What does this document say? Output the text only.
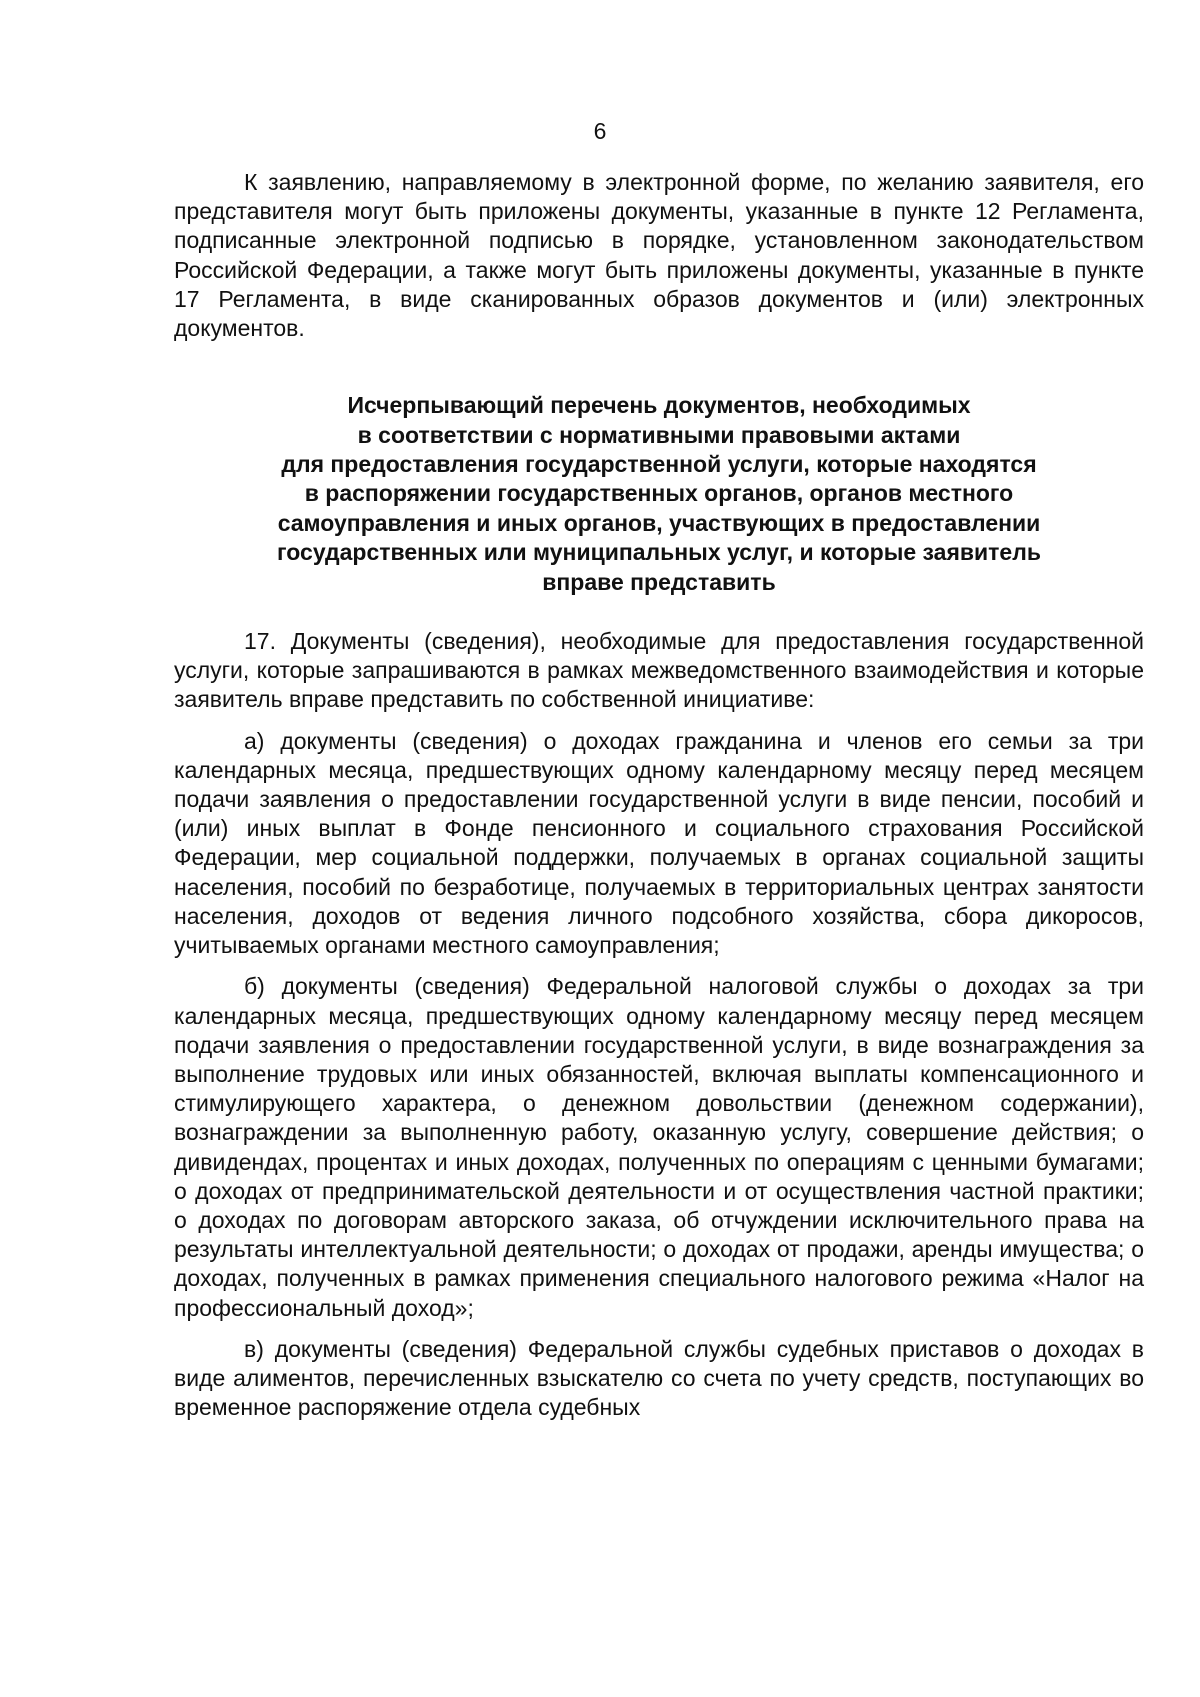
6

К заявлению, направляемому в электронной форме, по желанию заявителя, его представителя могут быть приложены документы, указанные в пункте 12 Регламента, подписанные электронной подписью в порядке, установленном законодательством Российской Федерации, а также могут быть приложены документы, указанные в пункте 17 Регламента, в виде сканированных образов документов и (или) электронных документов.

Исчерпывающий перечень документов, необходимых
в соответствии с нормативными правовыми актами
для предоставления государственной услуги, которые находятся
в распоряжении государственных органов, органов местного
самоуправления и иных органов, участвующих в предоставлении
государственных или муниципальных услуг, и которые заявитель
вправе представить

17. Документы (сведения), необходимые для предоставления государственной услуги, которые запрашиваются в рамках межведомственного взаимодействия и которые заявитель вправе представить по собственной инициативе:

а) документы (сведения) о доходах гражданина и членов его семьи за три календарных месяца, предшествующих одному календарному месяцу перед месяцем подачи заявления о предоставлении государственной услуги в виде пенсии, пособий и (или) иных выплат в Фонде пенсионного и социального страхования Российской Федерации, мер социальной поддержки, получаемых в органах социальной защиты населения, пособий по безработице, получаемых в территориальных центрах занятости населения, доходов от ведения личного подсобного хозяйства, сбора дикоросов, учитываемых органами местного самоуправления;

б) документы (сведения) Федеральной налоговой службы о доходах за три календарных месяца, предшествующих одному календарному месяцу перед месяцем подачи заявления о предоставлении государственной услуги, в виде вознаграждения за выполнение трудовых или иных обязанностей, включая выплаты компенсационного и стимулирующего характера, о денежном довольствии (денежном содержании), вознаграждении за выполненную работу, оказанную услугу, совершение действия; о дивидендах, процентах и иных доходах, полученных по операциям с ценными бумагами; о доходах от предпринимательской деятельности и от осуществления частной практики; о доходах по договорам авторского заказа, об отчуждении исключительного права на результаты интеллектуальной деятельности; о доходах от продажи, аренды имущества; о доходах, полученных в рамках применения специального налогового режима «Налог на профессиональный доход»;

в) документы (сведения) Федеральной службы судебных приставов о доходах в виде алиментов, перечисленных взыскателю со счета по учету средств, поступающих во временное распоряжение отдела судебных
